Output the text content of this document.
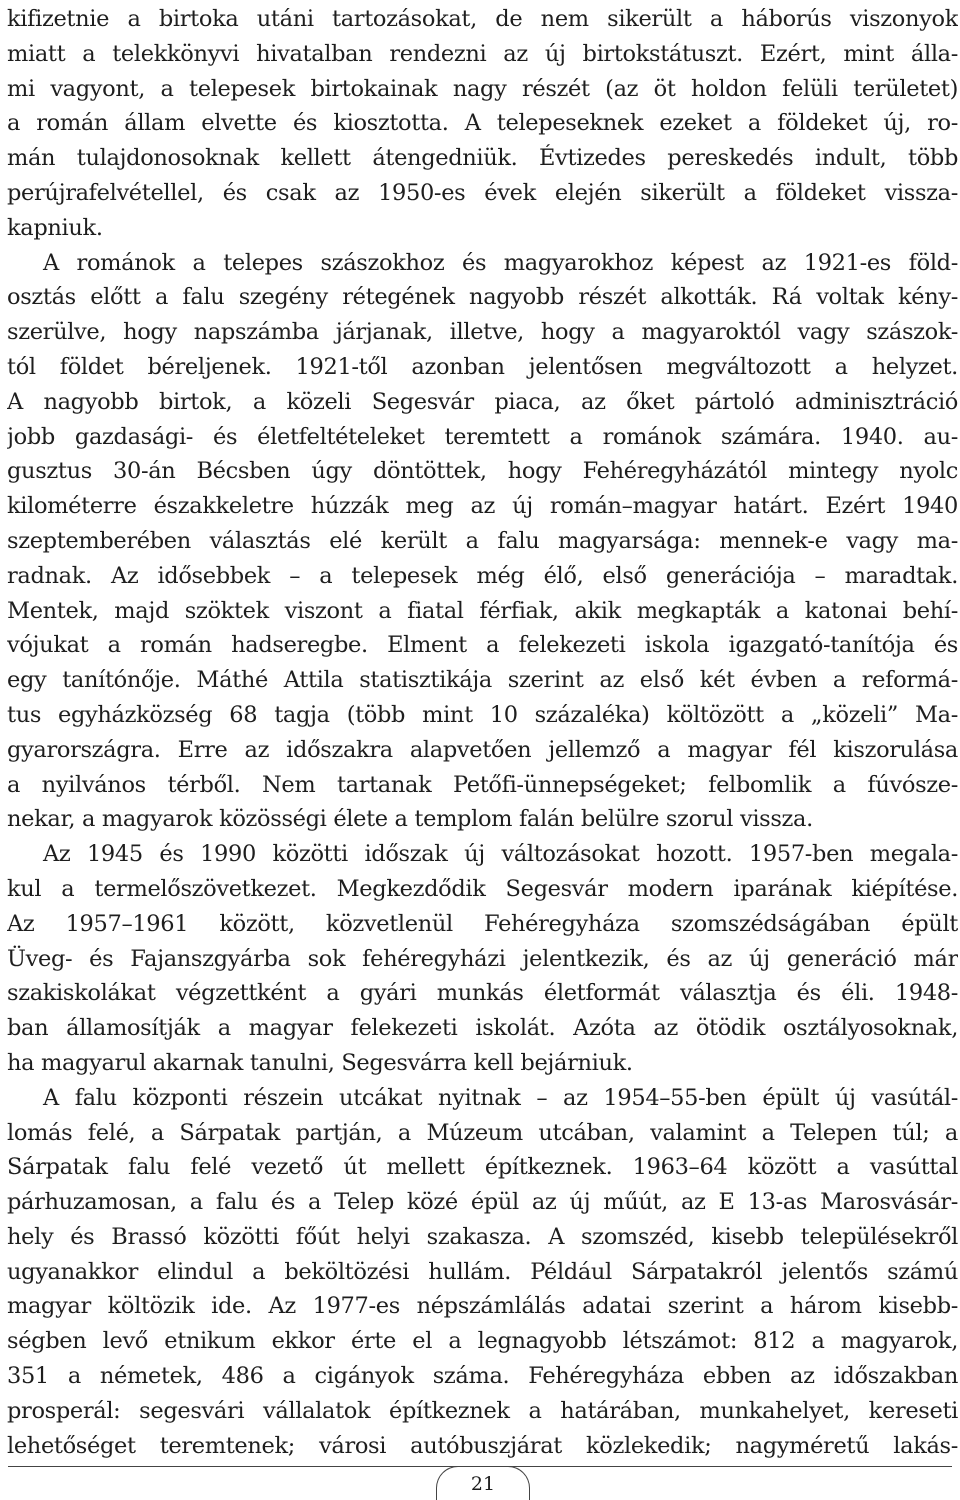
kifizetnie a birtoka utáni tartozásokat, de nem sikerült a háborús viszonyok
miatt a telekkönyvi hivatalban rendezni az új birtokstátuszt. Ezért, mint álla-
mi vagyont, a telepesek birtokainak nagy részét (az öt holdon felüli területet)
a román állam elvette és kiosztotta. A telepeseknek ezeket a földeket új, ro-
mán tulajdonosoknak kellett átengedniük. Évtizedes pereskedés indult, több
perújrafelvétellel, és csak az 1950-es évek elején sikerült a földeket vissza-
kapniuk.
A románok a telepes szászokhoz és magyarokhoz képest az 1921-es föld-
osztás előtt a falu szegény rétegének nagyobb részét alkották. Rá voltak kény-
szerülve, hogy napszámba járjanak, illetve, hogy a magyaroktól vagy szászok-
tól földet béreljenek. 1921-től azonban jelentősen megváltozott a helyzet.
A nagyobb birtok, a közeli Segesvár piaca, az őket pártoló adminisztráció
jobb gazdasági- és életfeltételeket teremtett a románok számára. 1940. au-
gusztus 30-án Bécsben úgy döntöttek, hogy Fehéregyházától mintegy nyolc
kilométerre északkeletre húzzák meg az új román–magyar határt. Ezért 1940
szeptemberében választás elé került a falu magyarsága: mennek-e vagy ma-
radnak. Az idősebbek – a telepesek még élő, első generációja – maradtak.
Mentek, majd szöktek viszont a fiatal férfiak, akik megkapták a katonai behí-
vójukat a román hadseregbe. Elment a felekezeti iskola igazgató-tanítója és
egy tanítónője. Máthé Attila statisztikája szerint az első két évben a reformá-
tus egyházközség 68 tagja (több mint 10 százaléka) költözött a „közeli” Ma-
gyarországra. Erre az időszakra alapvetően jellemző a magyar fél kiszorulása
a nyilvános térből. Nem tartanak Petőfi-ünnepségeket; felbomlik a fúvósze-
nekar, a magyarok közösségi élete a templom falán belülre szorul vissza.
Az 1945 és 1990 közötti időszak új változásokat hozott. 1957-ben megala-
kul a termelőszövetkezet. Megkezdődik Segesvár modern iparának kiépítése.
Az 1957–1961 között, közvetlenül Fehéregyháza szomszédságában épült
Üveg- és Fajanszgyárba sok fehéregyházi jelentkezik, és az új generáció már
szakiskolákat végzettként a gyári munkás életformát választja és éli. 1948-
ban államosítják a magyar felekezeti iskolát. Azóta az ötödik osztályosoknak,
ha magyarul akarnak tanulni, Segesvárra kell bejárniuk.
A falu központi részein utcákat nyitnak – az 1954–55-ben épült új vasútál-
lomás felé, a Sárpatak partján, a Múzeum utcában, valamint a Telepen túl; a
Sárpatak falu felé vezető út mellett építkeznek. 1963–64 között a vasúttal
párhuzamosan, a falu és a Telep közé épül az új műút, az E 13-as Marosvásár-
hely és Brassó közötti főút helyi szakasza. A szomszéd, kisebb településekről
ugyanakkor elindul a beköltözési hullám. Például Sárpatakról jelentős számú
magyar költözik ide. Az 1977-es népszámlálás adatai szerint a három kisebb-
ségben levő etnikum ekkor érte el a legnagyobb létszámot: 812 a magyarok,
351 a németek, 486 a cigányok száma. Fehéregyháza ebben az időszakban
prosperál: segesvári vállalatok építkeznek a határában, munkahelyet, kereseti
lehetőséget teremtenek; városi autóbuszjárat közlekedik; nagyméretű lakás-
21
